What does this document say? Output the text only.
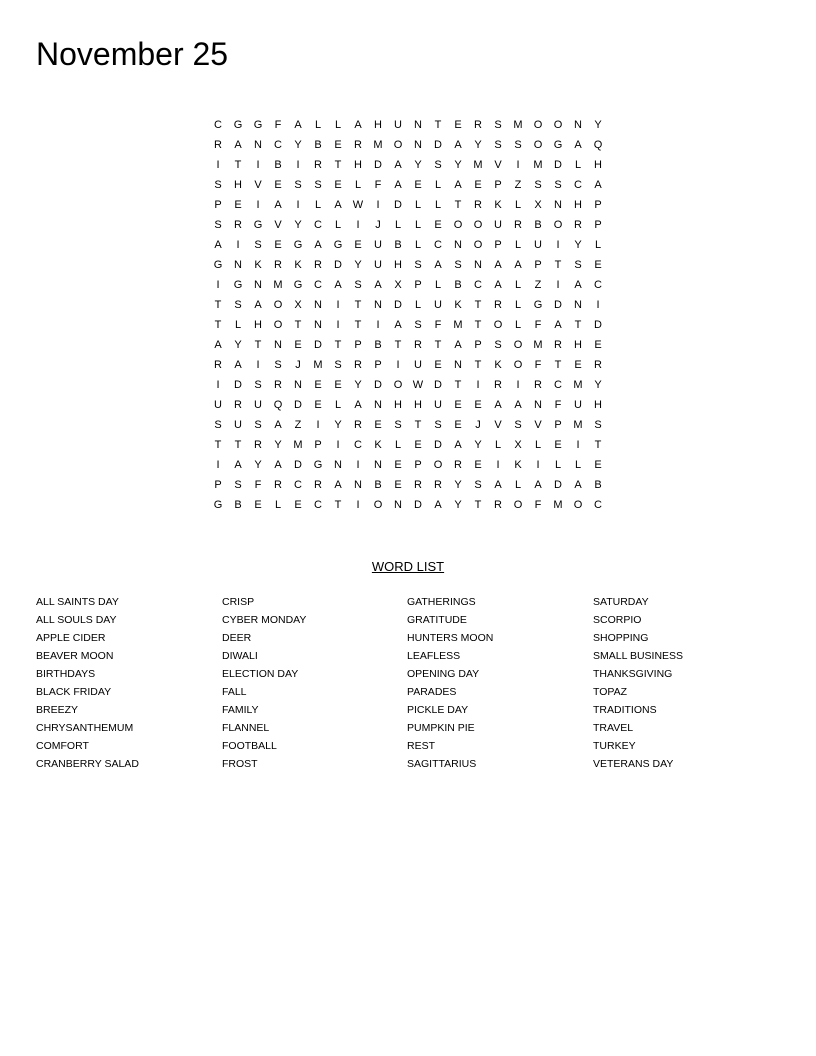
November 25
C	G	G	F	A	L	L	A	H	U	N	T	E	R	S	M	O	O	N	Y
R	A	N	C	Y	B	E	R	M	O	N	D	A	Y	S	S	O	G	A	Q
I	T	I	B	I	R	T	H	D	A	Y	S	Y	M	V	I	M	D	L	H
S	H	V	E	S	S	E	L	F	A	E	L	A	E	P	Z	S	S	C	A
P	E	I	A	I	L	A	W	I	D	L	L	T	R	K	L	X	N	H	P
S	R	G	V	Y	C	L	I	J	L	L	E	O	O	U	R	B	O	R	P
A	I	S	E	G	A	G	E	U	B	L	C	N	O	P	L	U	I	Y	L
G	N	K	R	K	R	D	Y	U	H	S	A	S	N	A	A	P	T	S	E
I	G	N	M	G	C	A	S	A	X	P	L	B	C	A	L	Z	I	A	C
T	S	A	O	X	N	I	T	N	D	L	U	K	T	R	L	G	D	N	I
T	L	H	O	T	N	I	T	I	A	S	F	M	T	O	L	F	A	T	D
A	Y	T	N	E	D	T	P	B	T	R	T	A	P	S	O	M	R	H	E
R	A	I	S	J	M	S	R	P	I	U	E	N	T	K	O	F	T	E	R
I	D	S	R	N	E	E	Y	D	O W D	T	I	R	I	R	C	M	Y
U	R	U	Q	D	E	L	A	N	H	H	U	E	E	A	A	N	F	U	H
S	U	S	A	Z	I	Y	R	E	S	T	S	E	J	V	S	V	P	M	S
T	T	R	Y	M	P	I	C	K	L	E	D	A	Y	L	X	L	E	I	T
I	A	Y	A	D	G	N	I	N	E	P	O	R	E	I	K	I	L	L	E
P	S	F	R	C	R	A	N	B	E	R	R	Y	S	A	L	A	D	A	B
G	B	E	L	E	C	T	I	O	N	D	A	Y	T	R	O	F	M	O	C
WORD LIST
ALL SAINTS DAY
ALL SOULS DAY
APPLE CIDER
BEAVER MOON
BIRTHDAYS
BLACK FRIDAY
BREEZY
CHRYSANTHEMUM
COMFORT
CRANBERRY SALAD
CRISP
CYBER MONDAY
DEER
DIWALI
ELECTION DAY
FALL
FAMILY
FLANNEL
FOOTBALL
FROST
GATHERINGS
GRATITUDE
HUNTERS MOON
LEAFLESS
OPENING DAY
PARADES
PICKLE DAY
PUMPKIN PIE
REST
SAGITTARIUS
SATURDAY
SCORPIO
SHOPPING
SMALL BUSINESS
THANKSGIVING
TOPAZ
TRADITIONS
TRAVEL
TURKEY
VETERANS DAY
